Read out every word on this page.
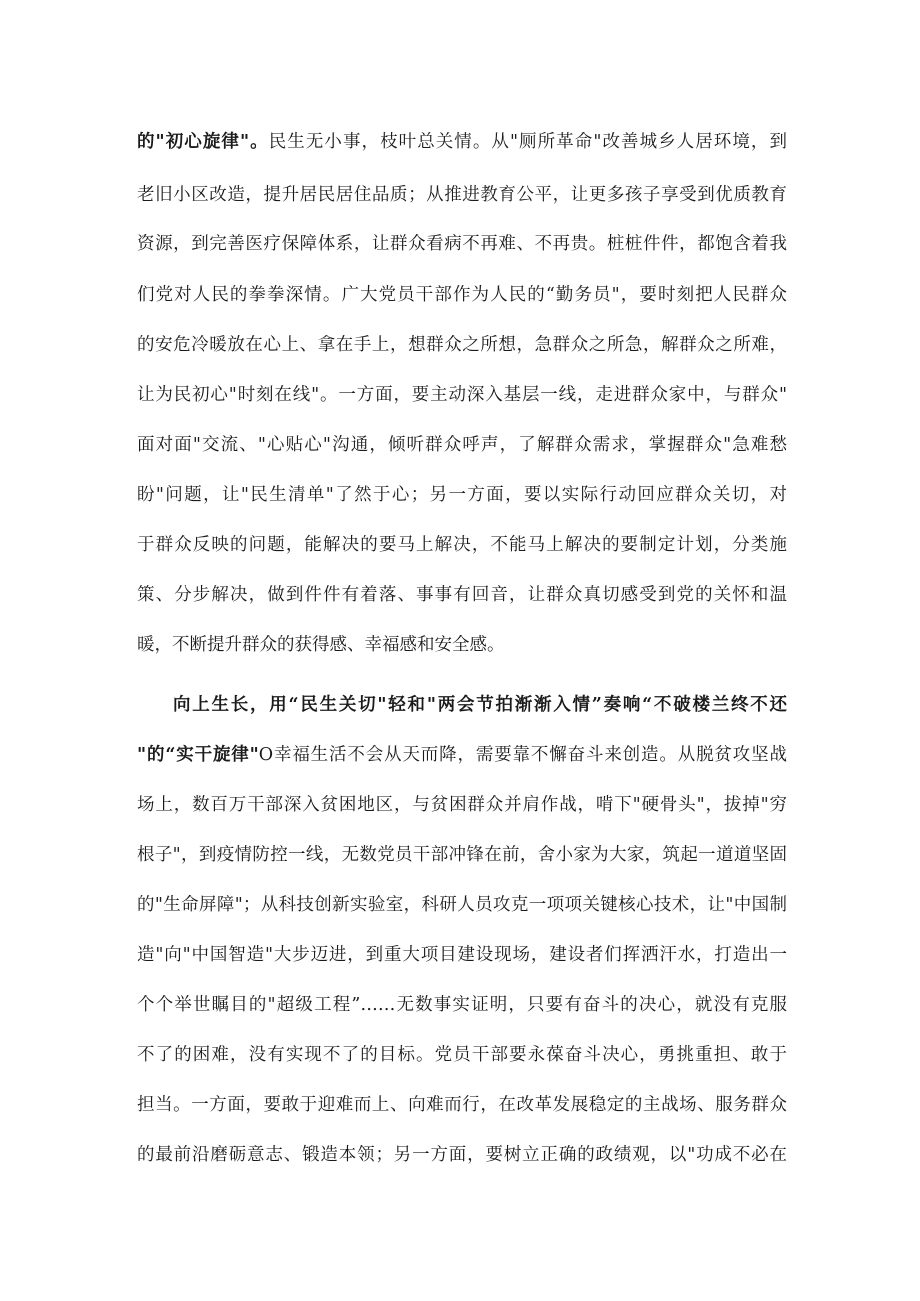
的"初心旋律"。民生无小事，枝叶总关情。从"厕所革命"改善城乡人居环境，到

老旧小区改造，提升居民居住品质；从推进教育公平，让更多孩子享受到优质教育

资源，到完善医疗保障体系，让群众看病不再难、不再贵。桩桩件件，都饱含着我

们党对人民的拳拳深情。广大党员干部作为人民的“勤务员"，要时刻把人民群众

的安危冷暖放在心上、拿在手上，想群众之所想，急群众之所急，解群众之所难，

让为民初心"时刻在线"。一方面，要主动深入基层一线，走进群众家中，与群众"

面对面"交流、"心贴心"沟通，倾听群众呼声，了解群众需求，掌握群众"急难愁

盼"问题，让"民生清单"了然于心；另一方面，要以实际行动回应群众关切，对

于群众反映的问题，能解决的要马上解决，不能马上解决的要制定计划，分类施

策、分步解决，做到件件有着落、事事有回音，让群众真切感受到党的关怀和温

暖，不断提升群众的获得感、幸福感和安全感。

向上生长，用“民生关切"轻和"两会节拍渐渐入情”奏响“不破楼兰终不还

"的“实干旋律"O幸福生活不会从天而降，需要靠不懈奋斗来创造。从脱贫攻坚战

场上，数百万干部深入贫困地区，与贫困群众并肩作战，啃下"硬骨头"，拔掉"穷

根子"，到疫情防控一线，无数党员干部冲锋在前，舍小家为大家，筑起一道道坚固

的"生命屏障"；从科技创新实验室，科研人员攻克一项项关键核心技术，让"中国制

造"向"中国智造"大步迈进，到重大项目建设现场，建设者们挥洒汗水，打造出一

个个举世瞩目的"超级工程”……无数事实证明，只要有奋斗的决心，就没有克服

不了的困难，没有实现不了的目标。党员干部要永葆奋斗决心，勇挑重担、敢于

担当。一方面，要敢于迎难而上、向难而行，在改革发展稳定的主战场、服务群众

的最前沿磨砺意志、锻造本领；另一方面，要树立正确的政绩观，以"功成不必在
